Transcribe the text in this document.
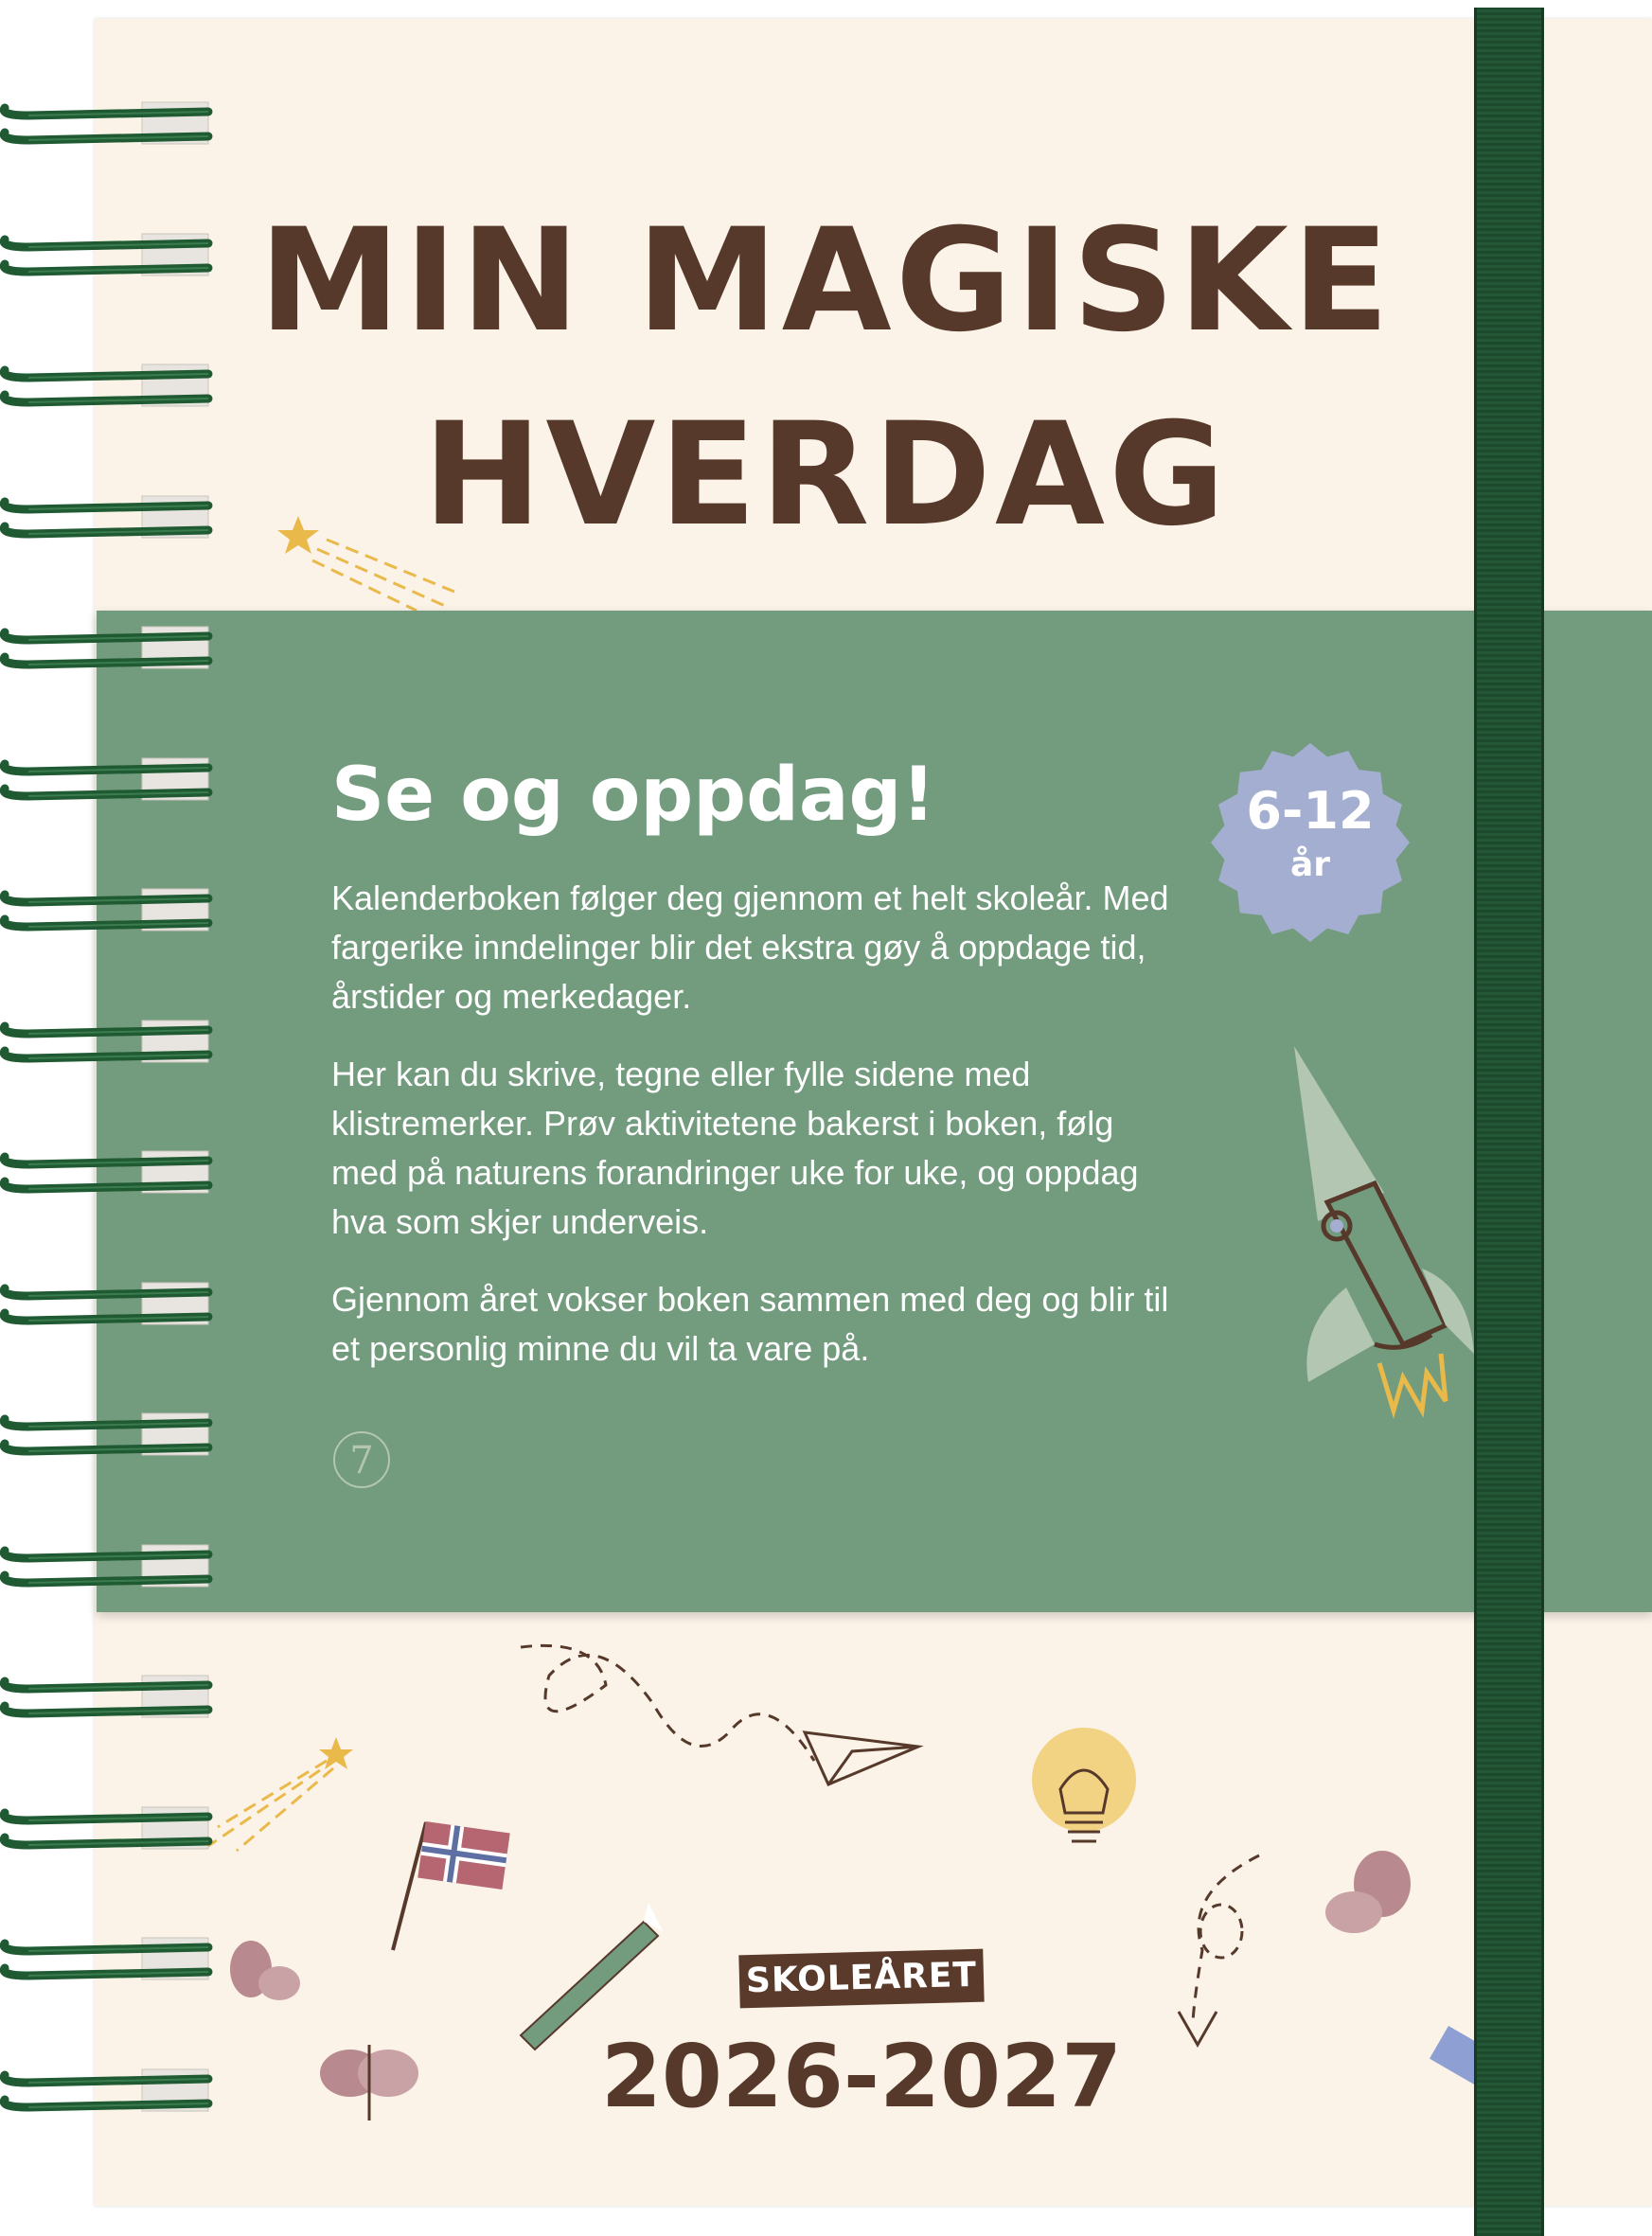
MIN MAGISKE
HVERDAG
Se og oppdag!

Kalenderboken følger deg gjennom et helt skoleår. Med fargerike inndelinger blir det ekstra gøy å oppdage tid, årstider og merkedager.

Her kan du skrive, tegne eller fylle sidene med klistremerker. Prøv aktivitetene bakerst i boken, følg med på naturens forandringer uke for uke, og oppdag hva som skjer underveis.

Gjennom året vokser boken sammen med deg og blir til et personlig minne du vil ta vare på.

6-12
år
7
SKOLEÅRET
2026-2027
